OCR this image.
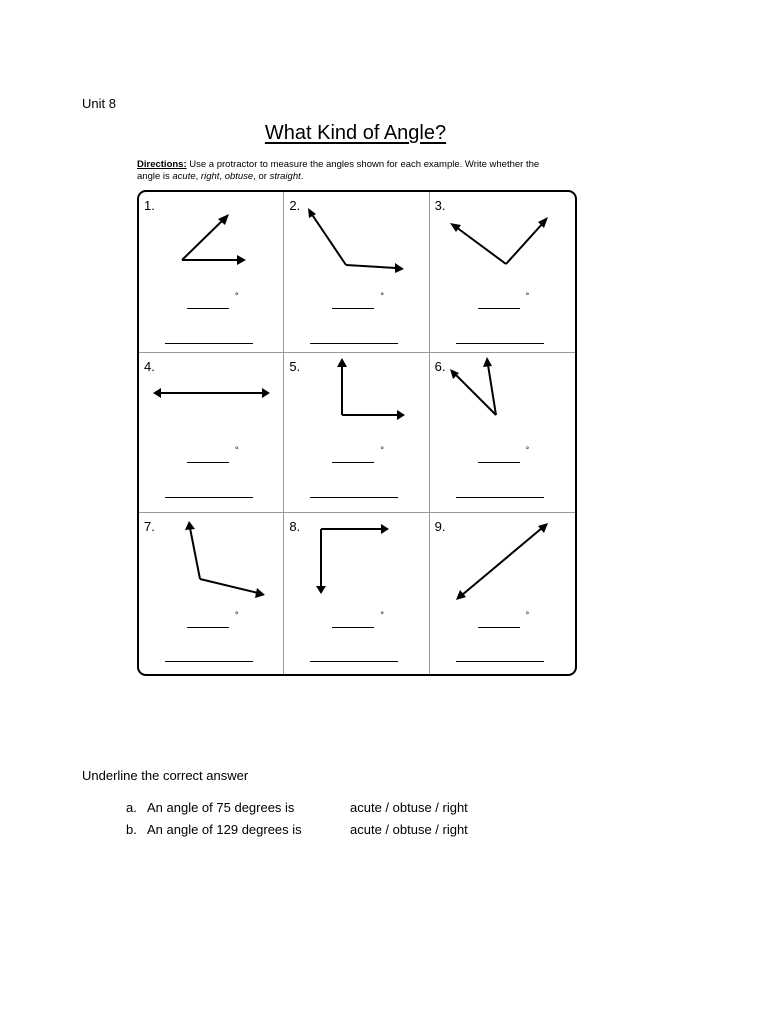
Unit 8
What Kind of Angle?
Directions: Use a protractor to measure the angles shown for each example. Write whether the angle is acute, right, obtuse, or straight.
1.
°
2.
°
3.
°
4.
°
5.
°
6.
°
7.
°
8.
°
9.
°
Underline the correct answer
a. An angle of 75 degrees is	acute / obtuse / right
b. An angle of 129 degrees is	acute / obtuse / right
